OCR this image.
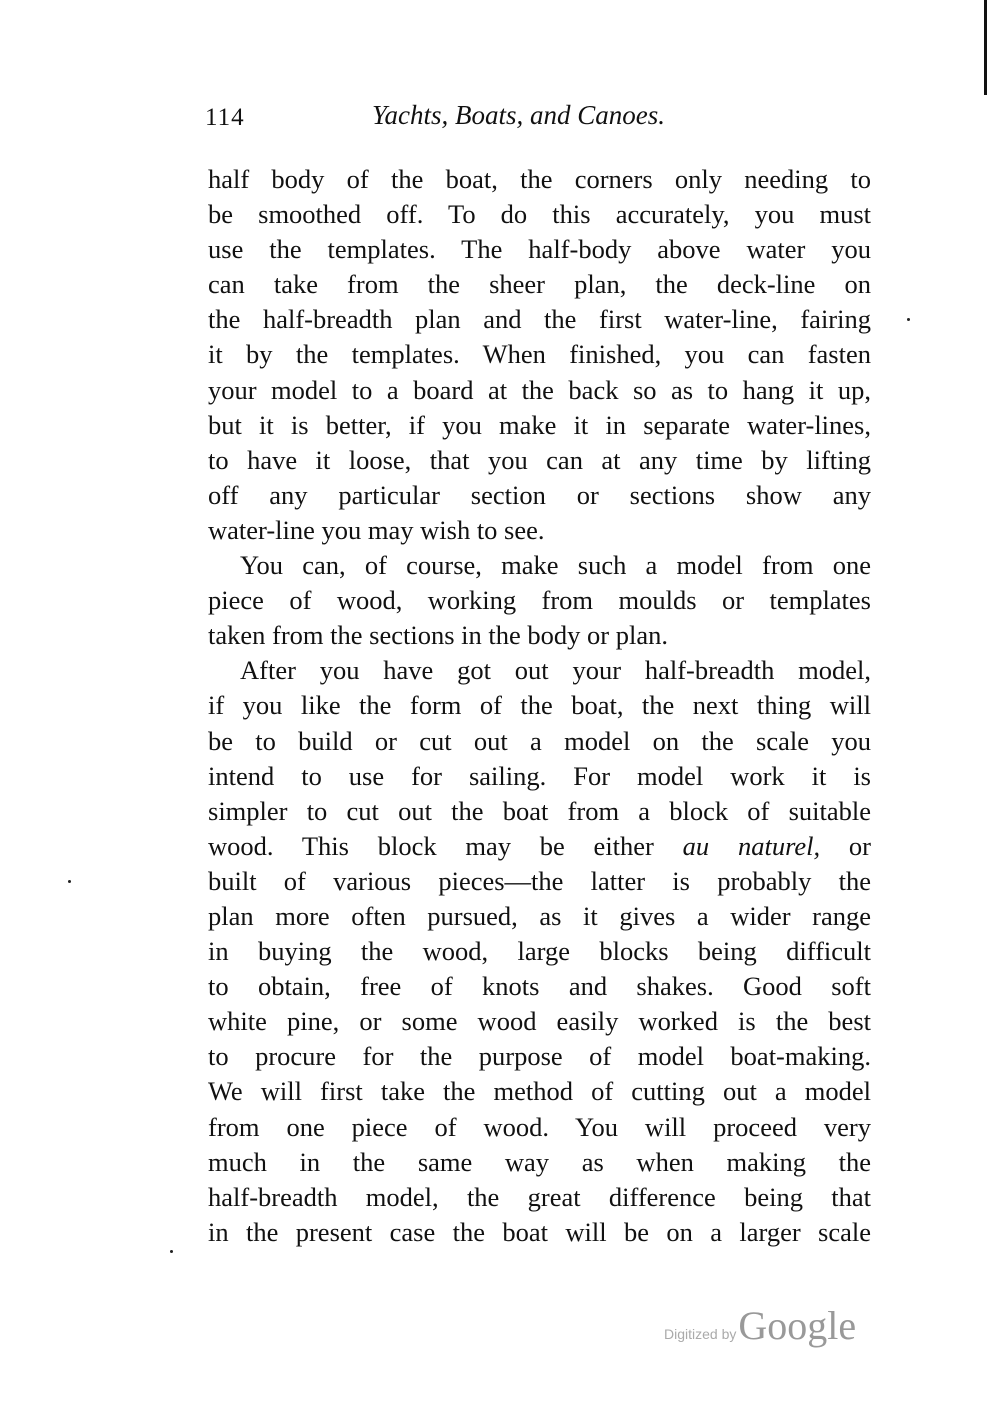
114	Yachts, Boats, and Canoes.
half body of the boat, the corners only needing to
be smoothed off. To do this accurately, you must
use the templates. The half-body above water you
can take from the sheer plan, the deck-line on
the half-breadth plan and the first water-line, fairing
it by the templates. When finished, you can fasten
your model to a board at the back so as to hang it up,
but it is better, if you make it in separate water-lines,
to have it loose, that you can at any time by lifting
off any particular section or sections show any
water-line you may wish to see.
You can, of course, make such a model from one
piece of wood, working from moulds or templates
taken from the sections in the body or plan.
After you have got out your half-breadth model,
if you like the form of the boat, the next thing will
be to build or cut out a model on the scale you
intend to use for sailing. For model work it is
simpler to cut out the boat from a block of suitable
wood. This block may be either au naturel, or
built of various pieces—the latter is probably the
plan more often pursued, as it gives a wider range
in buying the wood, large blocks being difficult
to obtain, free of knots and shakes. Good soft
white pine, or some wood easily worked is the best
to procure for the purpose of model boat-making.
We will first take the method of cutting out a model
from one piece of wood. You will proceed very
much in the same way as when making the
half-breadth model, the great difference being that
in the present case the boat will be on a larger scale
Digitized byGoogle
